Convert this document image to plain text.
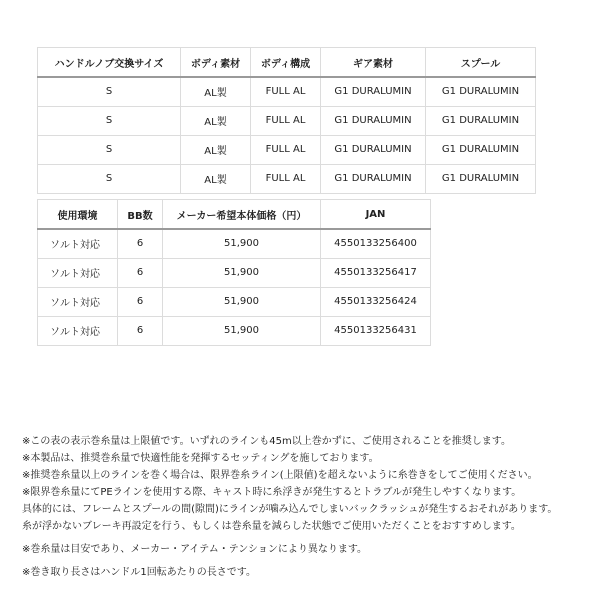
ハンドルノブ交換サイズ	ボディ素材	ボディ構成	ギア素材	スプール
S	AL製	FULL AL	G1 DURALUMIN	G1 DURALUMIN
S	AL製	FULL AL	G1 DURALUMIN	G1 DURALUMIN
S	AL製	FULL AL	G1 DURALUMIN	G1 DURALUMIN
S	AL製	FULL AL	G1 DURALUMIN	G1 DURALUMIN
使用環境	BB数	メーカー希望本体価格（円）	JAN
ソルト対応	6	51,900	4550133256400
ソルト対応	6	51,900	4550133256417
ソルト対応	6	51,900	4550133256424
ソルト対応	6	51,900	4550133256431
※この表の表示巻糸量は上限値です。いずれのラインも45m以上巻かずに、ご使用されることを推奨します。
※本製品は、推奨巻糸量で快適性能を発揮するセッティングを施しております。
※推奨巻糸量以上のラインを巻く場合は、限界巻糸ライン(上限値)を超えないように糸巻きをしてご使用ください。
※限界巻糸量にてPEラインを使用する際、キャスト時に糸浮きが発生するとトラブルが発生しやすくなります。
具体的には、フレームとスプールの間(隙間)にラインが噛み込んでしまいバックラッシュが発生するおそれがあります。
糸が浮かないブレーキ再設定を行う、もしくは巻糸量を減らした状態でご使用いただくことをおすすめします。
※巻糸量は目安であり、メーカー・アイテム・テンションにより異なります。
※巻き取り長さはハンドル1回転あたりの長さです。
